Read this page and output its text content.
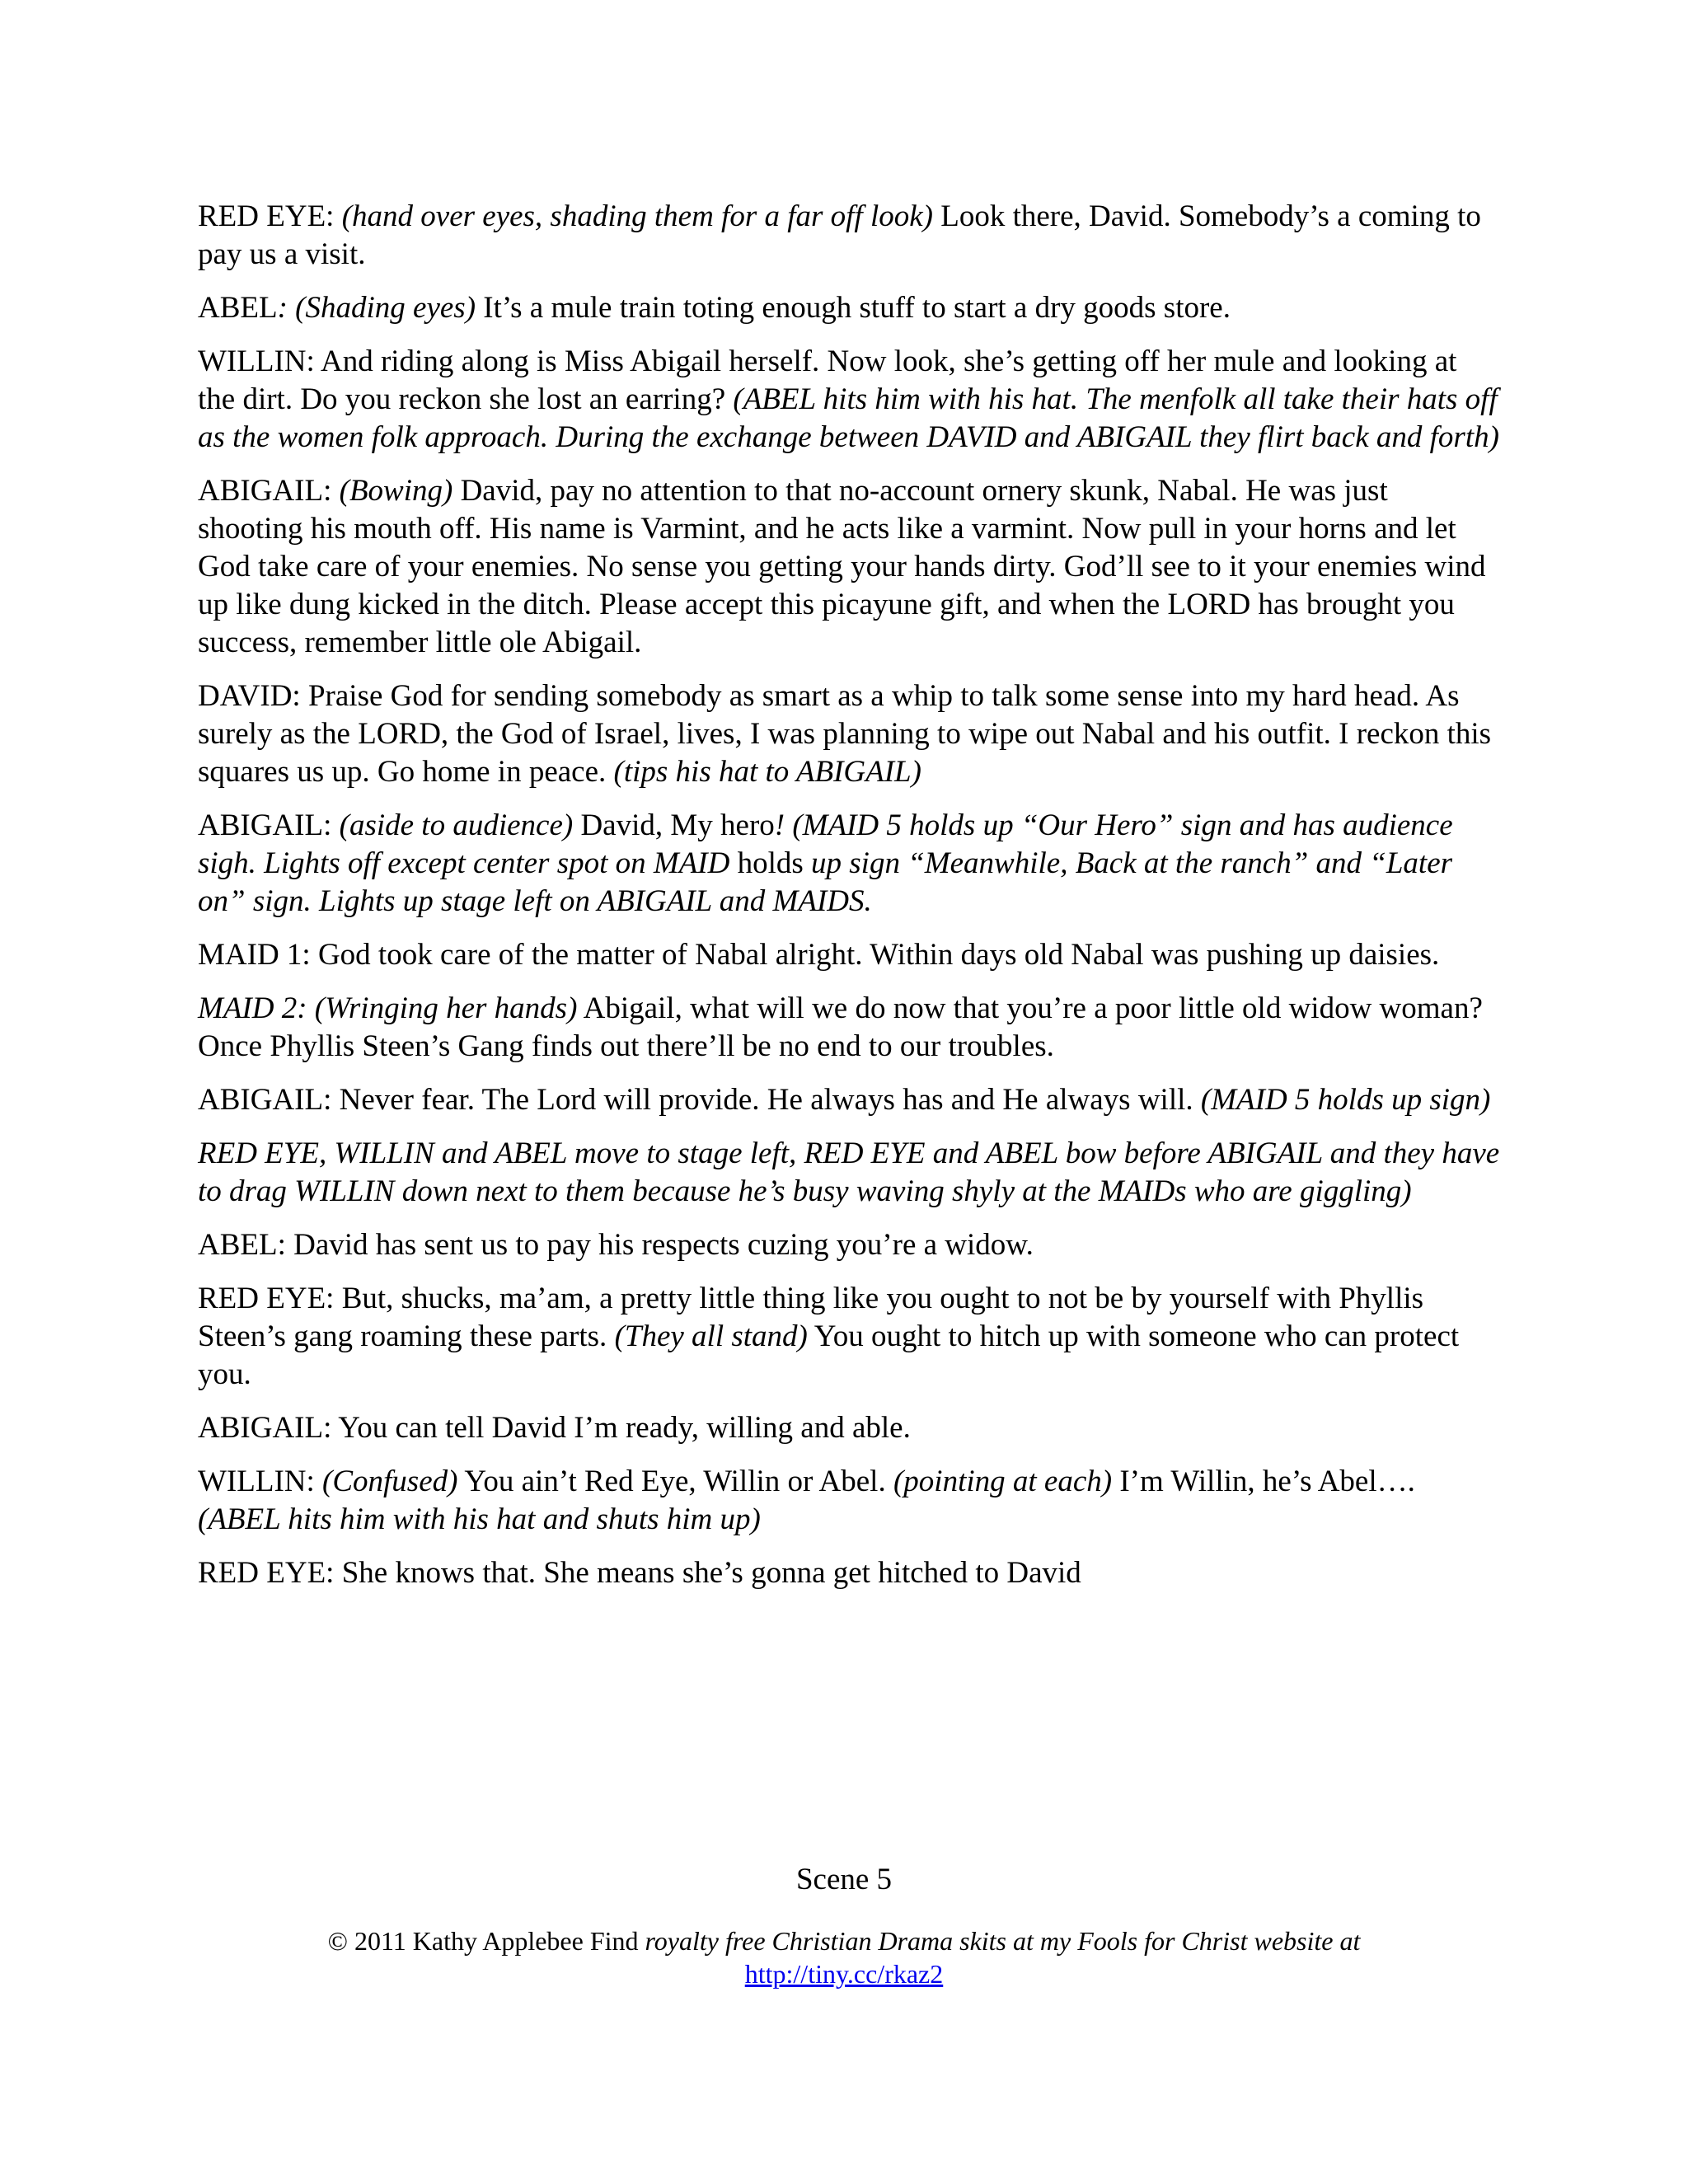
RED EYE: (hand over eyes, shading them for a far off look) Look there, David. Somebody’s a coming to pay us a visit.

ABEL: (Shading eyes) It’s a mule train toting enough stuff to start a dry goods store.

WILLIN: And riding along is Miss Abigail herself. Now look, she’s getting off her mule and looking at the dirt. Do you reckon she lost an earring? (ABEL hits him with his hat. The menfolk all take their hats off as the women folk approach. During the exchange between DAVID and ABIGAIL they flirt back and forth)

ABIGAIL: (Bowing) David, pay no attention to that no-account ornery skunk, Nabal. He was just shooting his mouth off. His name is Varmint, and he acts like a varmint. Now pull in your horns and let God take care of your enemies. No sense you getting your hands dirty. God’ll see to it your enemies wind up like dung kicked in the ditch. Please accept this picayune gift, and when the LORD has brought you success, remember little ole Abigail.

DAVID: Praise God for sending somebody as smart as a whip to talk some sense into my hard head. As surely as the LORD, the God of Israel, lives, I was planning to wipe out Nabal and his outfit. I reckon this squares us up. Go home in peace. (tips his hat to ABIGAIL)

ABIGAIL: (aside to audience) David, My hero! (MAID 5 holds up “Our Hero” sign and has audience sigh. Lights off except center spot on MAID holds up sign “Meanwhile, Back at the ranch” and “Later on” sign. Lights up stage left on ABIGAIL and MAIDS.

MAID 1: God took care of the matter of Nabal alright. Within days old Nabal was pushing up daisies.

MAID 2: (Wringing her hands) Abigail, what will we do now that you’re a poor little old widow woman? Once Phyllis Steen’s Gang finds out there’ll be no end to our troubles.

ABIGAIL: Never fear. The Lord will provide. He always has and He always will. (MAID 5 holds up sign)

RED EYE, WILLIN and ABEL move to stage left, RED EYE and ABEL bow before ABIGAIL and they have to drag WILLIN down next to them because he’s busy waving shyly at the MAIDs who are giggling)

ABEL: David has sent us to pay his respects cuzing you’re a widow.

RED EYE: But, shucks, ma’am, a pretty little thing like you ought to not be by yourself with Phyllis Steen’s gang roaming these parts. (They all stand) You ought to hitch up with someone who can protect you.

ABIGAIL: You can tell David I’m ready, willing and able.

WILLIN: (Confused) You ain’t Red Eye, Willin or Abel. (pointing at each) I’m Willin, he’s Abel…. (ABEL hits him with his hat and shuts him up)

RED EYE: She knows that. She means she’s gonna get hitched to David

Scene 5
© 2011 Kathy Applebee Find royalty free Christian Drama skits at my Fools for Christ website at
http://tiny.cc/rkaz2
